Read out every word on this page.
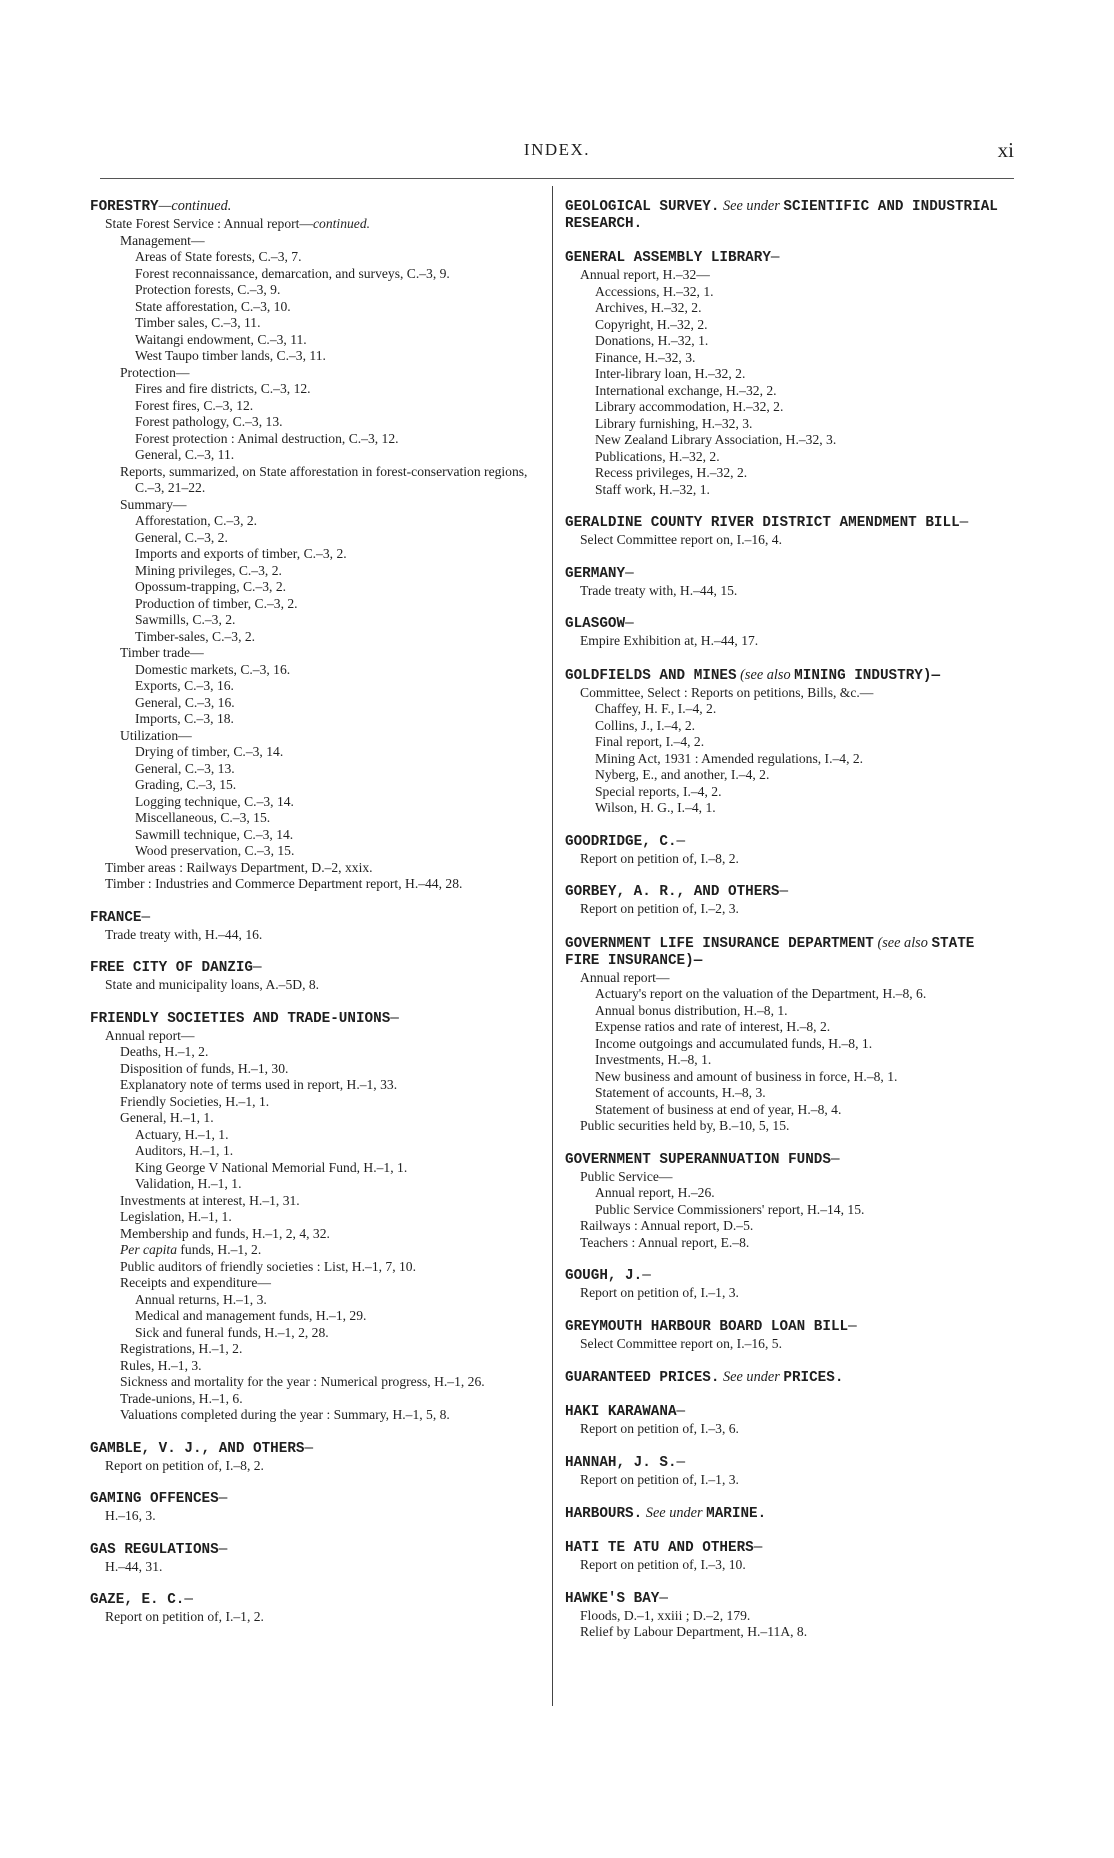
INDEX.	xi
FORESTRY—continued.
State Forest Service : Annual report—continued.
Management—
Areas of State forests, C.–3, 7.
Forest reconnaissance, demarcation, and surveys, C.–3, 9.
Protection forests, C.–3, 9.
State afforestation, C.–3, 10.
Timber sales, C.–3, 11.
Waitangi endowment, C.–3, 11.
West Taupo timber lands, C.–3, 11.
Protection—
Fires and fire districts, C.–3, 12.
Forest fires, C.–3, 12.
Forest pathology, C.–3, 13.
Forest protection : Animal destruction, C.–3, 12.
General, C.–3, 11.
Reports, summarized, on State afforestation in forest-conservation regions, C.–3, 21–22.
Summary—
Afforestation, C.–3, 2.
General, C.–3, 2.
Imports and exports of timber, C.–3, 2.
Mining privileges, C.–3, 2.
Opossum-trapping, C.–3, 2.
Production of timber, C.–3, 2.
Sawmills, C.–3, 2.
Timber-sales, C.–3, 2.
Timber trade—
Domestic markets, C.–3, 16.
Exports, C.–3, 16.
General, C.–3, 16.
Imports, C.–3, 18.
Utilization—
Drying of timber, C.–3, 14.
General, C.–3, 13.
Grading, C.–3, 15.
Logging technique, C.–3, 14.
Miscellaneous, C.–3, 15.
Sawmill technique, C.–3, 14.
Wood preservation, C.–3, 15.
Timber areas : Railways Department, D.–2, xxix.
Timber : Industries and Commerce Department report, H.–44, 28.
FRANCE—
Trade treaty with, H.–44, 16.
FREE CITY OF DANZIG—
State and municipality loans, A.–5D, 8.
FRIENDLY SOCIETIES AND TRADE-UNIONS—
Annual report—
Deaths, H.–1, 2.
Disposition of funds, H.–1, 30.
Explanatory note of terms used in report, H.–1, 33.
Friendly Societies, H.–1, 1.
General, H.–1, 1.
Actuary, H.–1, 1.
Auditors, H.–1, 1.
King George V National Memorial Fund, H.–1, 1.
Validation, H.–1, 1.
Investments at interest, H.–1, 31.
Legislation, H.–1, 1.
Membership and funds, H.–1, 2, 4, 32.
Per capita funds, H.–1, 2.
Public auditors of friendly societies : List, H.–1, 7, 10.
Receipts and expenditure—
Annual returns, H.–1, 3.
Medical and management funds, H.–1, 29.
Sick and funeral funds, H.–1, 2, 28.
Registrations, H.–1, 2.
Rules, H.–1, 3.
Sickness and mortality for the year : Numerical progress, H.–1, 26.
Trade-unions, H.–1, 6.
Valuations completed during the year : Summary, H.–1, 5, 8.
GAMBLE, V. J., AND OTHERS—
Report on petition of, I.–8, 2.
GAMING OFFENCES—
H.–16, 3.
GAS REGULATIONS—
H.–44, 31.
GAZE, E. C.—
Report on petition of, I.–1, 2.
GEOLOGICAL SURVEY. See under SCIENTIFIC AND INDUSTRIAL RESEARCH.
GENERAL ASSEMBLY LIBRARY—
Annual report, H.–32—
Accessions, H.–32, 1.
Archives, H.–32, 2.
Copyright, H.–32, 2.
Donations, H.–32, 1.
Finance, H.–32, 3.
Inter-library loan, H.–32, 2.
International exchange, H.–32, 2.
Library accommodation, H.–32, 2.
Library furnishing, H.–32, 3.
New Zealand Library Association, H.–32, 3.
Publications, H.–32, 2.
Recess privileges, H.–32, 2.
Staff work, H.–32, 1.
GERALDINE COUNTY RIVER DISTRICT AMENDMENT BILL—
Select Committee report on, I.–16, 4.
GERMANY—
Trade treaty with, H.–44, 15.
GLASGOW—
Empire Exhibition at, H.–44, 17.
GOLDFIELDS AND MINES (see also MINING INDUSTRY)—
Committee, Select : Reports on petitions, Bills, &c.—
Chaffey, H. F., I.–4, 2.
Collins, J., I.–4, 2.
Final report, I.–4, 2.
Mining Act, 1931 : Amended regulations, I.–4, 2.
Nyberg, E., and another, I.–4, 2.
Special reports, I.–4, 2.
Wilson, H. G., I.–4, 1.
GOODRIDGE, C.—
Report on petition of, I.–8, 2.
GORBEY, A. R., AND OTHERS—
Report on petition of, I.–2, 3.
GOVERNMENT LIFE INSURANCE DEPARTMENT (see also STATE FIRE INSURANCE)—
Annual report—
Actuary's report on the valuation of the Department, H.–8, 6.
Annual bonus distribution, H.–8, 1.
Expense ratios and rate of interest, H.–8, 2.
Income outgoings and accumulated funds, H.–8, 1.
Investments, H.–8, 1.
New business and amount of business in force, H.–8, 1.
Statement of accounts, H.–8, 3.
Statement of business at end of year, H.–8, 4.
Public securities held by, B.–10, 5, 15.
GOVERNMENT SUPERANNUATION FUNDS—
Public Service—
Annual report, H.–26.
Public Service Commissioners' report, H.–14, 15.
Railways : Annual report, D.–5.
Teachers : Annual report, E.–8.
GOUGH, J.—
Report on petition of, I.–1, 3.
GREYMOUTH HARBOUR BOARD LOAN BILL—
Select Committee report on, I.–16, 5.
GUARANTEED PRICES. See under PRICES.
HAKI KARAWANA—
Report on petition of, I.–3, 6.
HANNAH, J. S.—
Report on petition of, I.–1, 3.
HARBOURS. See under MARINE.
HATI TE ATU AND OTHERS—
Report on petition of, I.–3, 10.
HAWKE'S BAY—
Floods, D.–1, xxiii ; D.–2, 179.
Relief by Labour Department, H.–11A, 8.
